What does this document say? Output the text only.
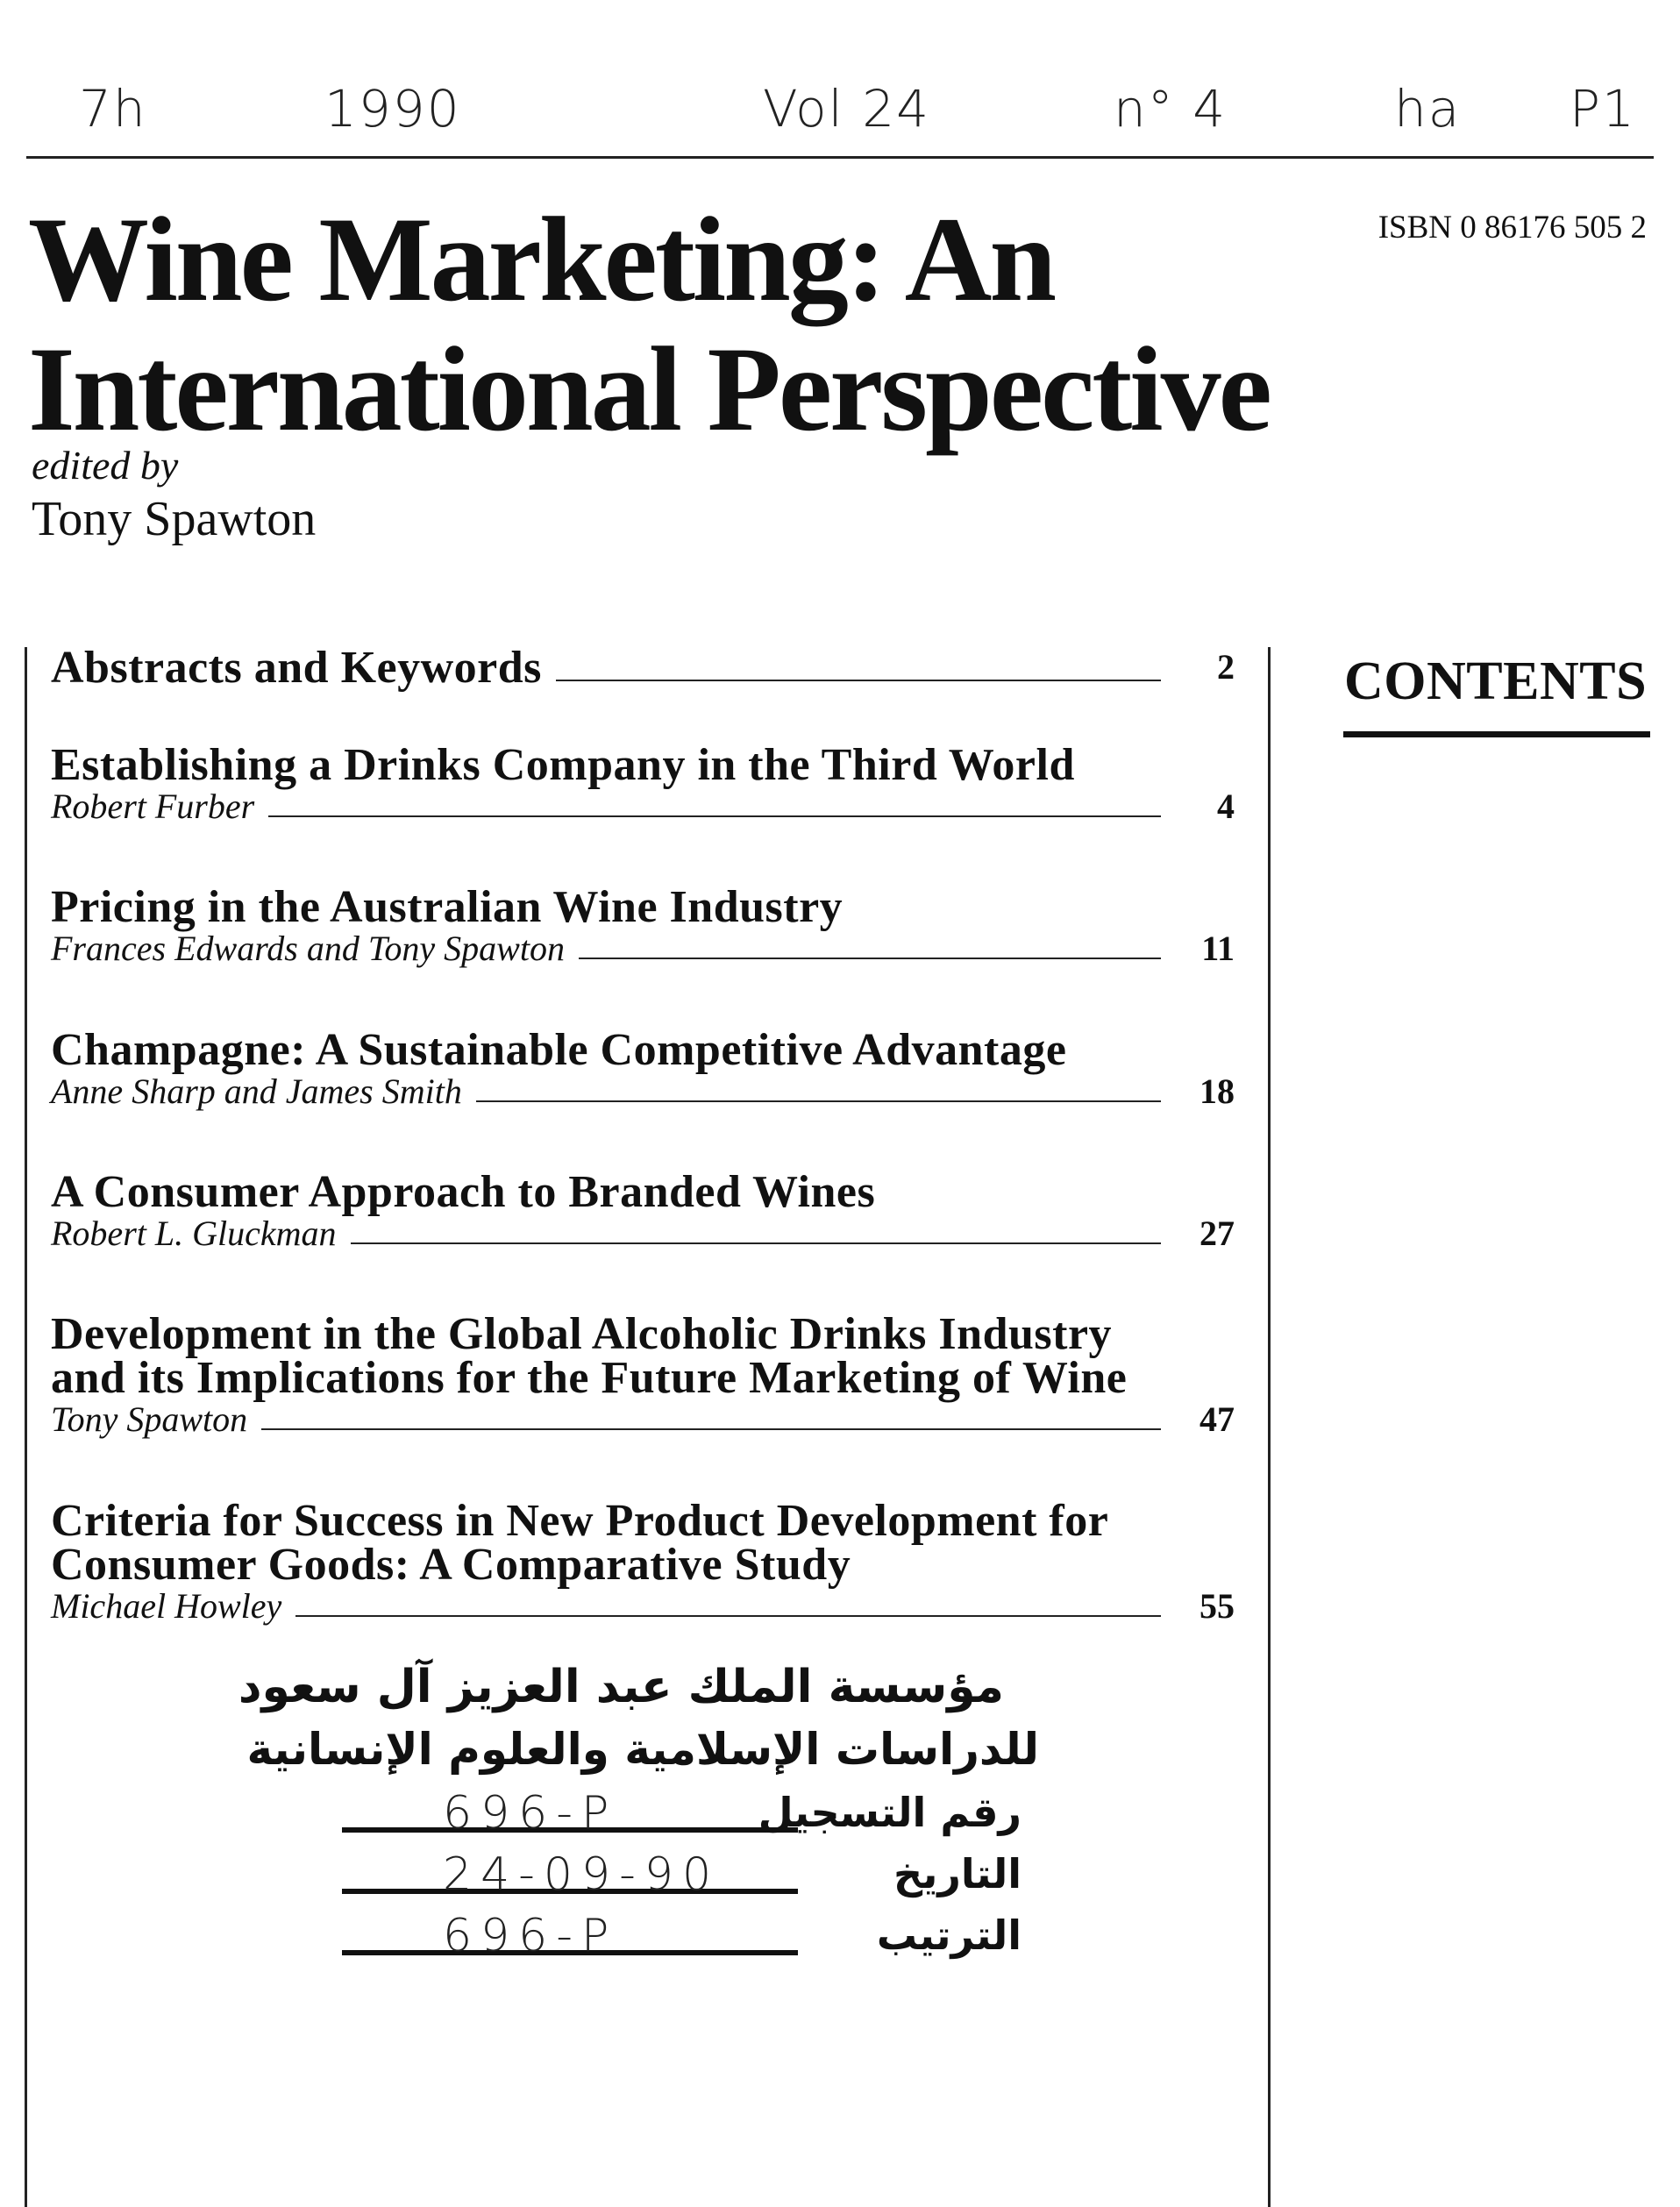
7h	1990	Vol 24	n° 4	ha P1
ISBN 0 86176 505 2
Wine Marketing: An
International Perspective
edited by
Tony Spawton
CONTENTS
Abstracts and Keywords	2
Establishing a Drinks Company in the Third World
Robert Furber	4
Pricing in the Australian Wine Industry
Frances Edwards and Tony Spawton	11
Champagne: A Sustainable Competitive Advantage
Anne Sharp and James Smith	18
A Consumer Approach to Branded Wines
Robert L. Gluckman	27
Development in the Global Alcoholic Drinks Industry
and its Implications for the Future Marketing of Wine
Tony Spawton	47
Criteria for Success in New Product Development for
Consumer Goods: A Comparative Study
Michael Howley	55
مؤسسة الملك عبد العزيز آل سعود
للدراسات الإسلامية والعلوم الإنسانية
696-P	رقم التسجيل
24-09-90	التاريخ
696-P	الترتيب
